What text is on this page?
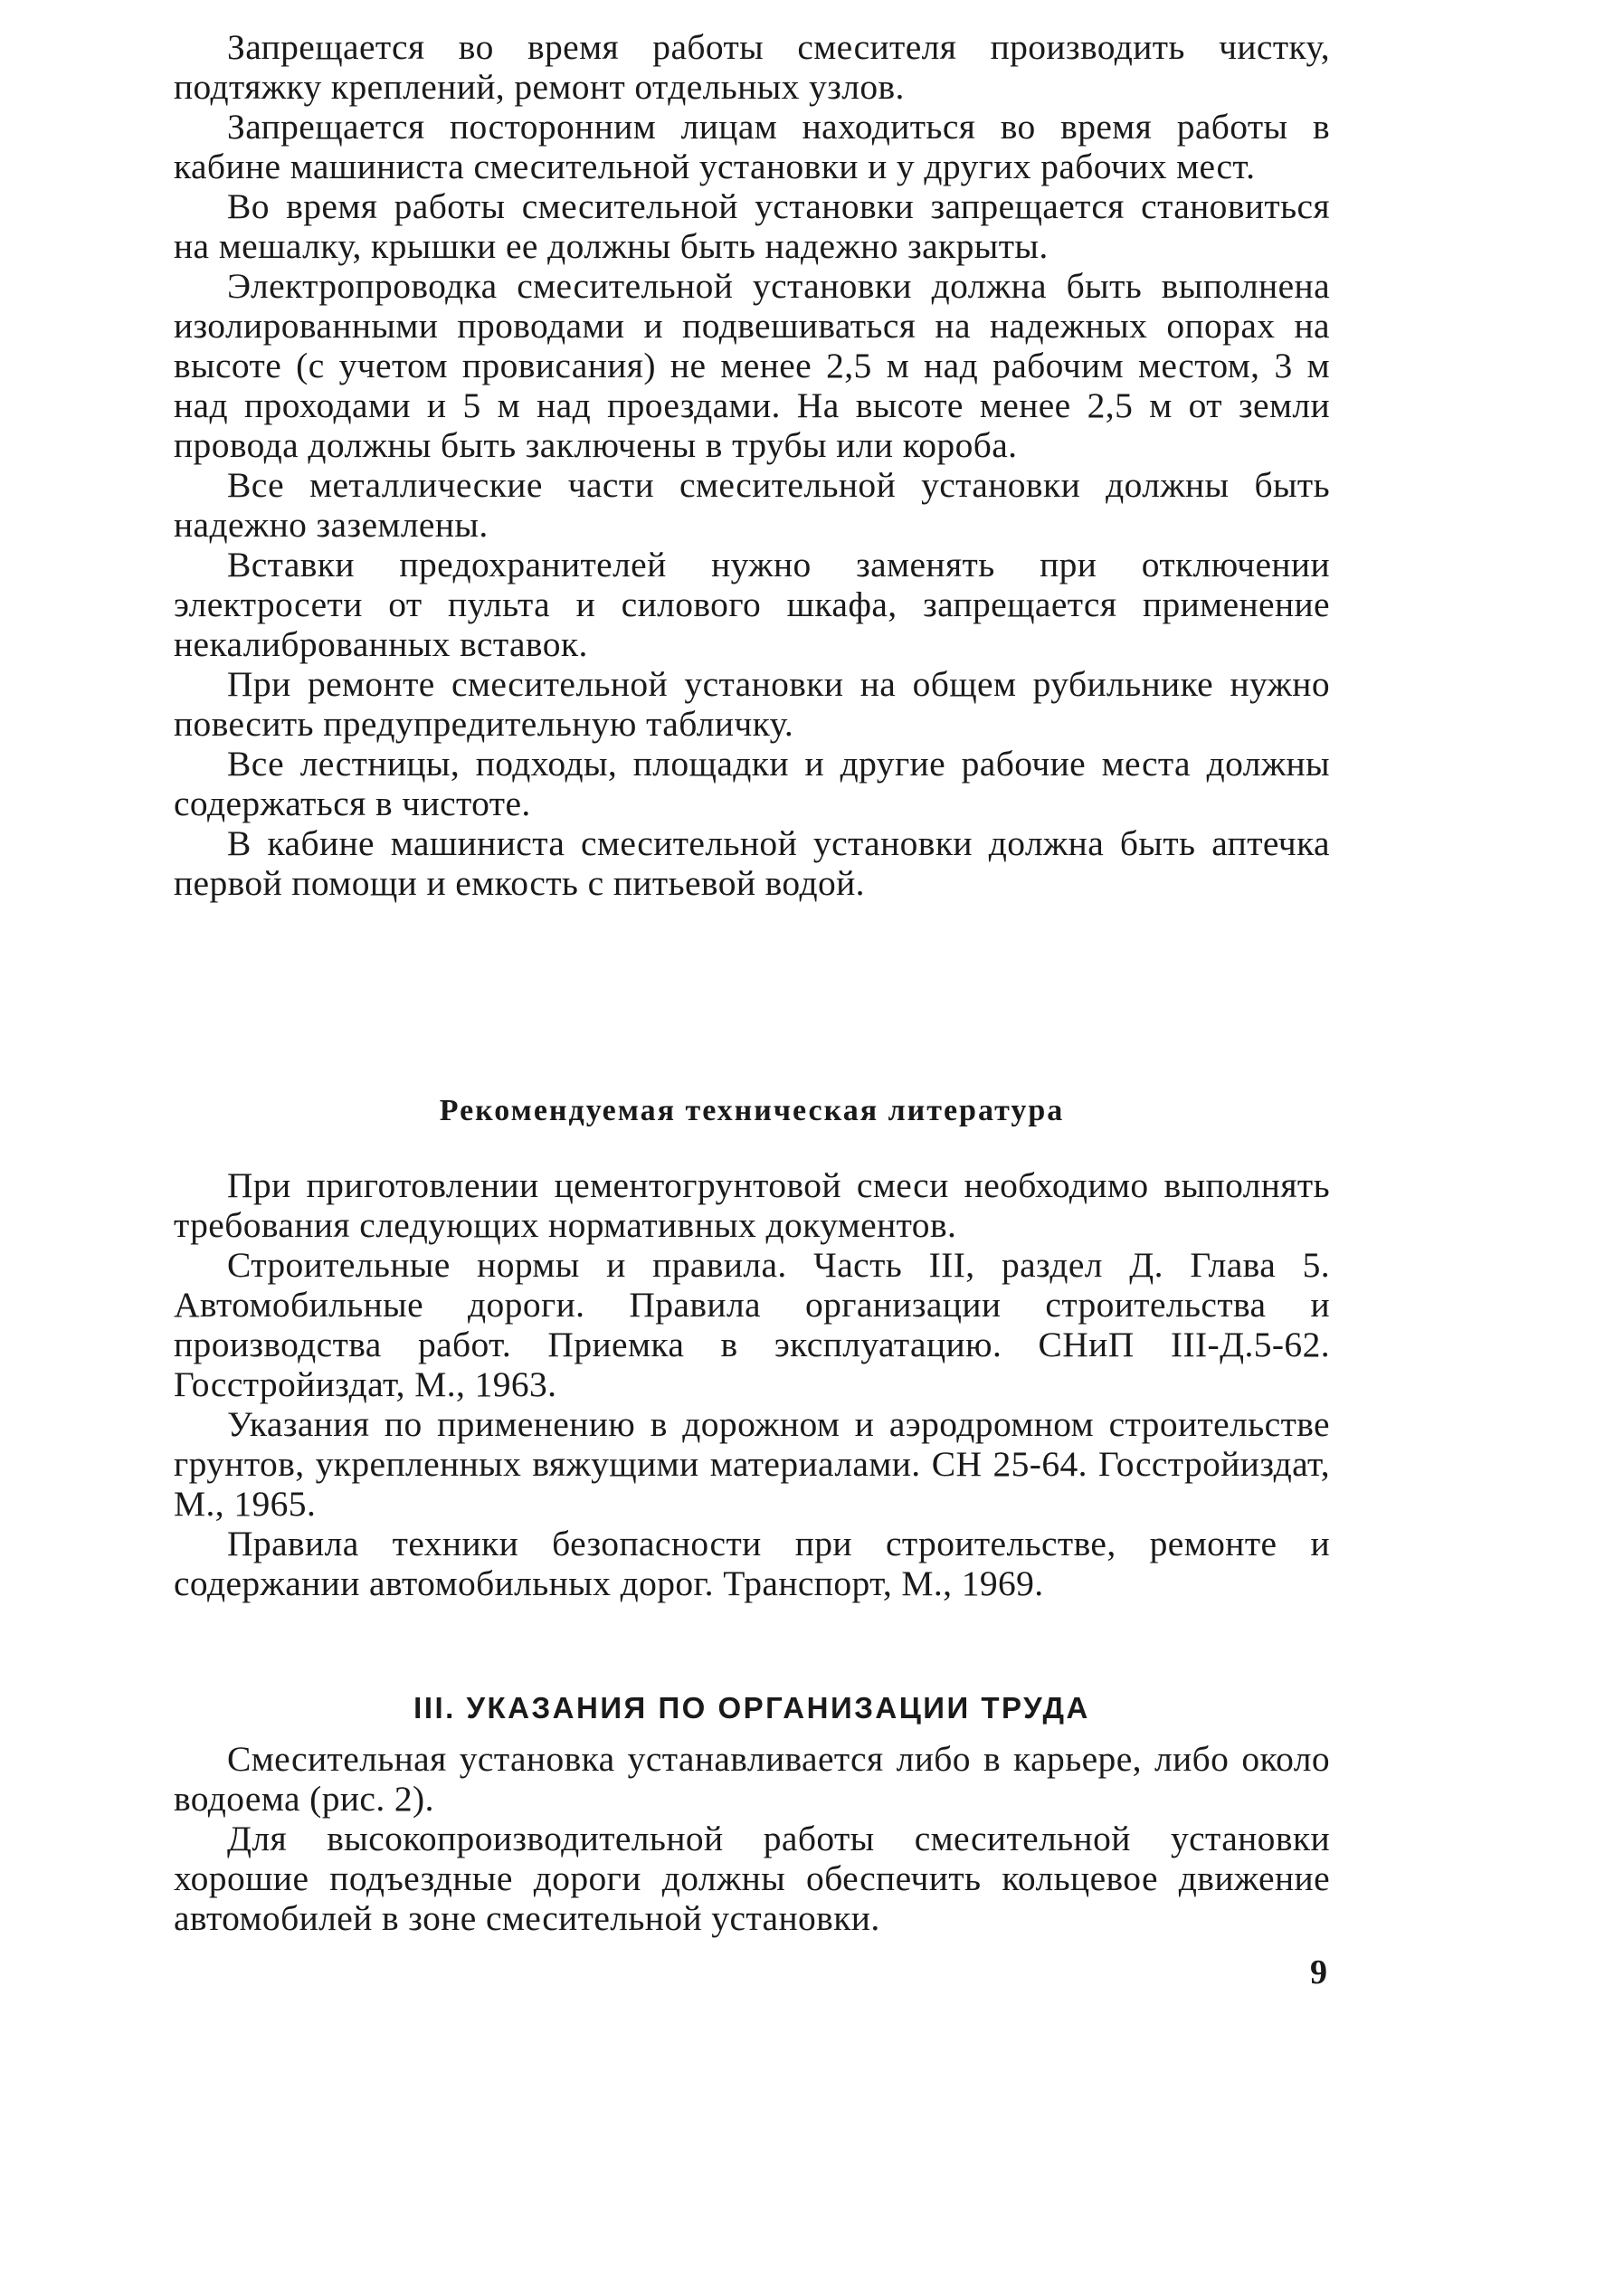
Запрещается во время работы смесителя производить чистку, подтяжку креплений, ремонт отдельных узлов.

Запрещается посторонним лицам находиться во время работы в кабине машиниста смесительной установки и у других рабочих мест.

Во время работы смесительной установки запрещается становиться на мешалку, крышки ее должны быть надежно закрыты.

Электропроводка смесительной установки должна быть выполнена изолированными проводами и подвешиваться на надежных опорах на высоте (с учетом провисания) не менее 2,5 м над рабочим местом, 3 м над проходами и 5 м над проездами. На высоте менее 2,5 м от земли провода должны быть заключены в трубы или короба.

Все металлические части смесительной установки должны быть надежно заземлены.

Вставки предохранителей нужно заменять при отключении электросети от пульта и силового шкафа, запрещается применение некалиброванных вставок.

При ремонте смесительной установки на общем рубильнике нужно повесить предупредительную табличку.

Все лестницы, подходы, площадки и другие рабочие места должны содержаться в чистоте.

В кабине машиниста смесительной установки должна быть аптечка первой помощи и емкость с питьевой водой.

Рекомендуемая техническая литература

При приготовлении цементогрунтовой смеси необходимо выполнять требования следующих нормативных документов.

Строительные нормы и правила. Часть III, раздел Д. Глава 5. Автомобильные дороги. Правила организации строительства и производства работ. Приемка в эксплуатацию. СНиП III-Д.5-62. Госстройиздат, М., 1963.

Указания по применению в дорожном и аэродромном строительстве грунтов, укрепленных вяжущими материалами. СН 25-64. Госстройиздат, М., 1965.

Правила техники безопасности при строительстве, ремонте и содержании автомобильных дорог. Транспорт, М., 1969.

III. УКАЗАНИЯ ПО ОРГАНИЗАЦИИ ТРУДА

Смесительная установка устанавливается либо в карьере, либо около водоема (рис. 2).

Для высокопроизводительной работы смесительной установки хорошие подъездные дороги должны обеспечить кольцевое движение автомобилей в зоне смесительной установки.

9
